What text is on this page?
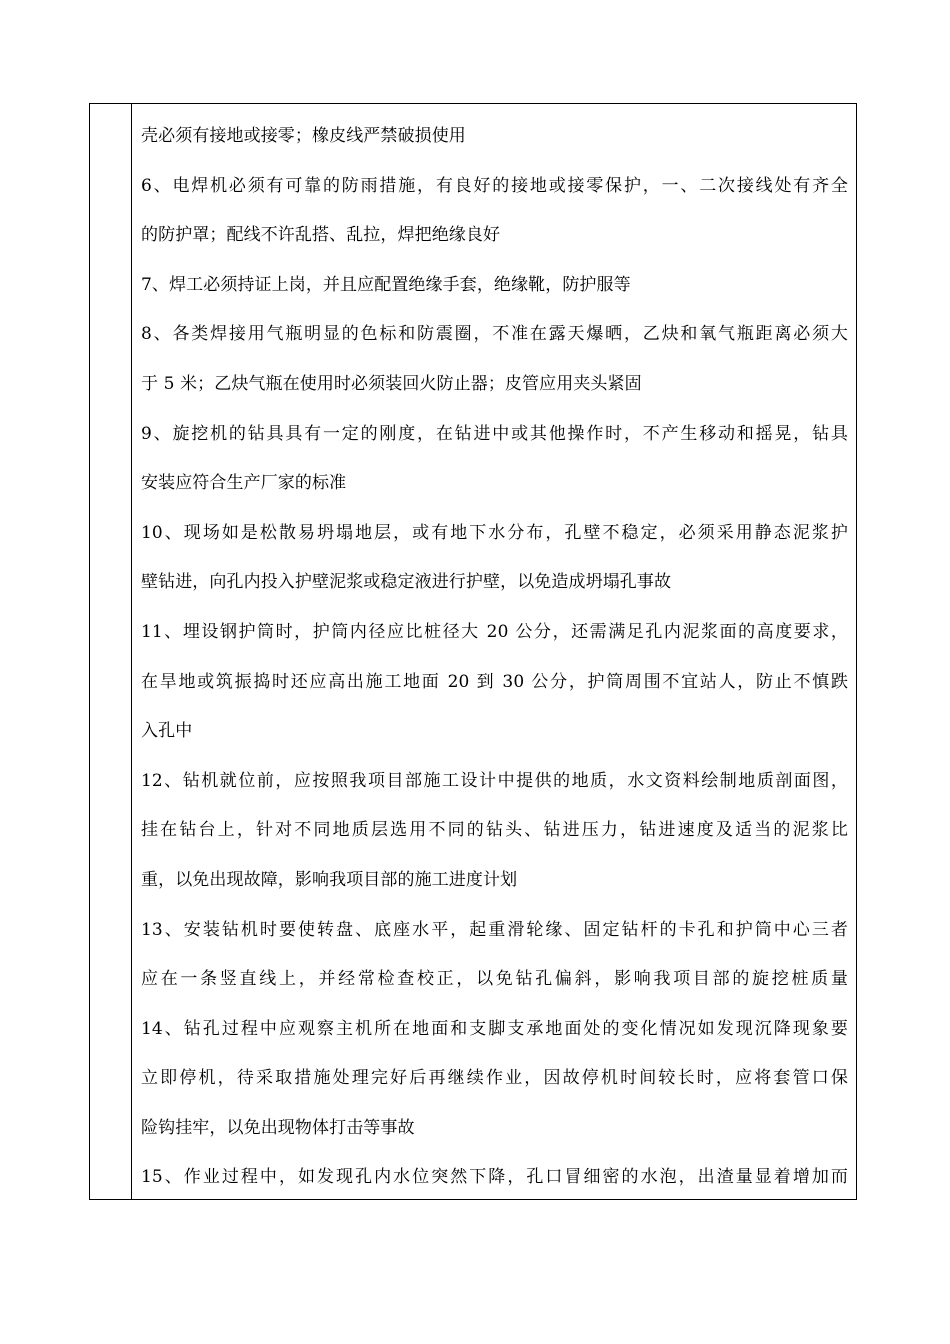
壳必须有接地或接零；橡皮线严禁破损使用
6、电焊机必须有可靠的防雨措施，有良好的接地或接零保护，一、二次接线处有齐全
的防护罩；配线不许乱搭、乱拉，焊把绝缘良好
7、焊工必须持证上岗，并且应配置绝缘手套，绝缘靴，防护服等
8、各类焊接用气瓶明显的色标和防震圈，不准在露天爆晒，乙炔和氧气瓶距离必须大
于 5 米；乙炔气瓶在使用时必须装回火防止器；皮管应用夹头紧固
9、旋挖机的钻具具有一定的刚度，在钻进中或其他操作时，不产生移动和摇晃，钻具
安装应符合生产厂家的标准
10、现场如是松散易坍塌地层，或有地下水分布，孔壁不稳定，必须采用静态泥浆护
壁钻进，向孔内投入护壁泥浆或稳定液进行护壁，以免造成坍塌孔事故
11、埋设钢护筒时，护筒内径应比桩径大 20 公分，还需满足孔内泥浆面的高度要求，
在旱地或筑振捣时还应高出施工地面 20 到 30 公分，护筒周围不宜站人，防止不慎跌
入孔中
12、钻机就位前，应按照我项目部施工设计中提供的地质，水文资料绘制地质剖面图，
挂在钻台上，针对不同地质层选用不同的钻头、钻进压力，钻进速度及适当的泥浆比
重，以免出现故障，影响我项目部的施工进度计划
13、安装钻机时要使转盘、底座水平，起重滑轮缘、固定钻杆的卡孔和护筒中心三者
应在一条竖直线上，并经常检查校正，以免钻孔偏斜，影响我项目部的旋挖桩质量
14、钻孔过程中应观察主机所在地面和支脚支承地面处的变化情况如发现沉降现象要
立即停机，待采取措施处理完好后再继续作业，因故停机时间较长时，应将套管口保
险钩挂牢，以免出现物体打击等事故
15、作业过程中，如发现孔内水位突然下降，孔口冒细密的水泡，出渣量显着增加而
